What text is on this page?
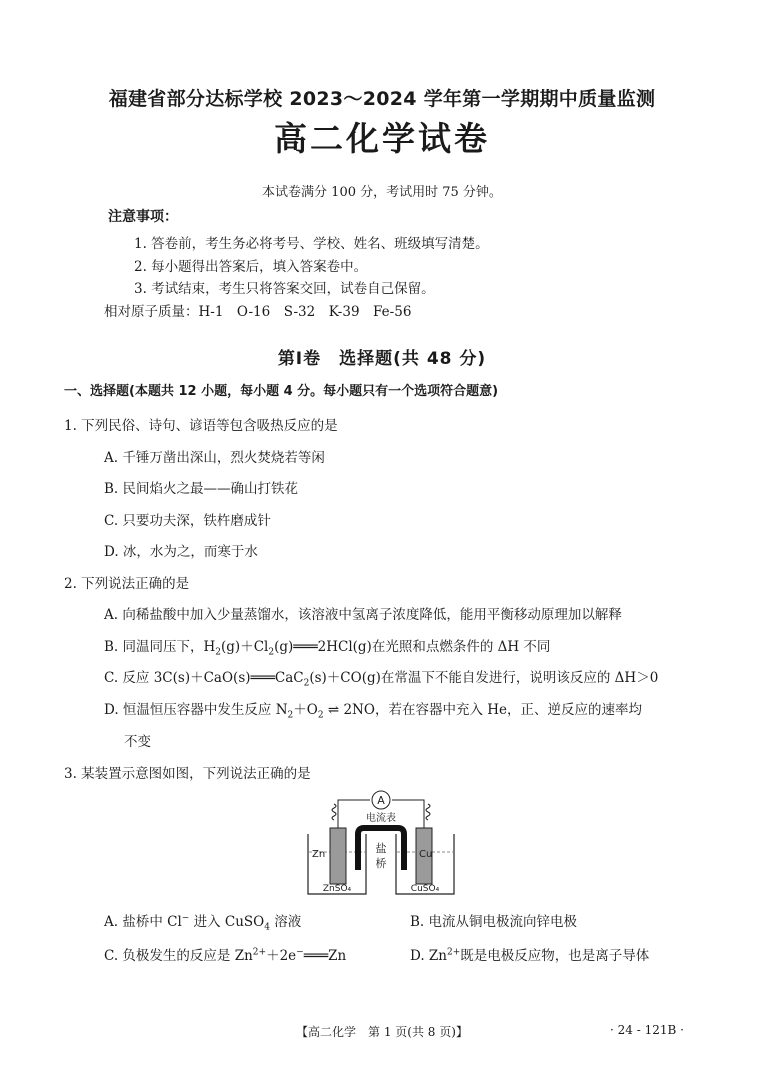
福建省部分达标学校 2023～2024 学年第一学期期中质量监测
高二化学试卷
本试卷满分 100 分，考试用时 75 分钟。
注意事项：
1. 答卷前，考生务必将考号、学校、姓名、班级填写清楚。
2. 每小题得出答案后，填入答案卷中。
3. 考试结束，考生只将答案交回，试卷自己保留。
相对原子质量：H-1　O-16　S-32　K-39　Fe-56
第Ⅰ卷　选择题(共 48 分)
一、选择题(本题共 12 小题，每小题 4 分。每小题只有一个选项符合题意)
1. 下列民俗、诗句、谚语等包含吸热反应的是
A. 千锤万凿出深山，烈火焚烧若等闲
B. 民间焰火之最——确山打铁花
C. 只要功夫深，铁杵磨成针
D. 冰，水为之，而寒于水
2. 下列说法正确的是
A. 向稀盐酸中加入少量蒸馏水，该溶液中氢离子浓度降低，能用平衡移动原理加以解释
B. 同温同压下，$H_2(g)+Cl_2(g)═══2HCl(g)$在光照和点燃条件的 ΔH 不同
C. 反应 3C(s)＋CaO(s)═══CaC$_2$(s)＋CO(g)在常温下不能自发进行，说明该反应的 ΔH＞0
D. 恒温恒压容器中发生反应 $N_2+O_2$ ⇌ 2NO，若在容器中充入 He，正、逆反应的速率均
不变
3. 某装置示意图如图，下列说法正确的是
A
电流表
Zn	Cu
盐
桥
ZnSO₄	CuSO₄
A. 盐桥中 Cl− 进入 CuSO$_4$ 溶液	B. 电流从铜电极流向锌电极
C. 负极发生的反应是 $Zn^{2+}+2e^-═══Zn$	D. $Zn^{2+}$既是电极反应物，也是离子导体
【高二化学　第 1 页(共 8 页)】	· 24 - 121B ·
